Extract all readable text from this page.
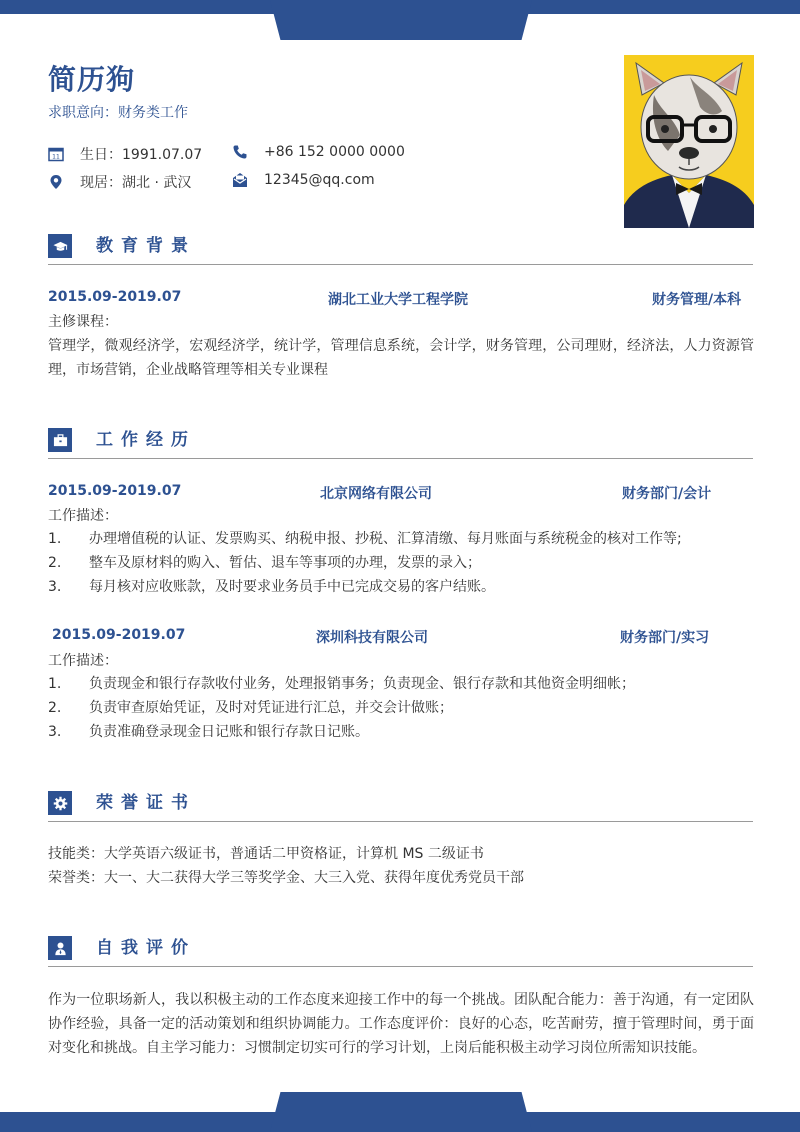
简历狗
求职意向：财务类工作
11 生日：1991.07.07
现居：湖北 · 武汉
+86 152 0000 0000
12345@qq.com
教育背景
2015.09-2019.07	湖北工业大学工程学院	财务管理/本科
主修课程：
管理学，微观经济学，宏观经济学，统计学，管理信息系统，会计学，财务管理，公司理财，经济法，人力资源管理，市场营销，企业战略管理等相关专业课程
工作经历
2015.09-2019.07	北京网络有限公司	财务部门/会计
工作描述：
1. 办理增值税的认证、发票购买、纳税申报、抄税、汇算清缴、每月账面与系统税金的核对工作等;
2. 整车及原材料的购入、暂估、退车等事项的办理，发票的录入；
3. 每月核对应收账款，及时要求业务员手中已完成交易的客户结账。
2015.09-2019.07	深圳科技有限公司	财务部门/实习
工作描述：
1. 负责现金和银行存款收付业务，处理报销事务；负责现金、银行存款和其他资金明细帐；
2. 负责审查原始凭证，及时对凭证进行汇总，并交会计做账；
3. 负责准确登录现金日记账和银行存款日记账。
荣誉证书
技能类：大学英语六级证书，普通话二甲资格证，计算机 MS 二级证书
荣誉类：大一、大二获得大学三等奖学金、大三入党、获得年度优秀党员干部
自我评价
作为一位职场新人，我以积极主动的工作态度来迎接工作中的每一个挑战。团队配合能力：善于沟通，有一定团队协作经验，具备一定的活动策划和组织协调能力。工作态度评价：良好的心态，吃苦耐劳，擅于管理时间，勇于面对变化和挑战。自主学习能力：习惯制定切实可行的学习计划，上岗后能积极主动学习岗位所需知识技能。
